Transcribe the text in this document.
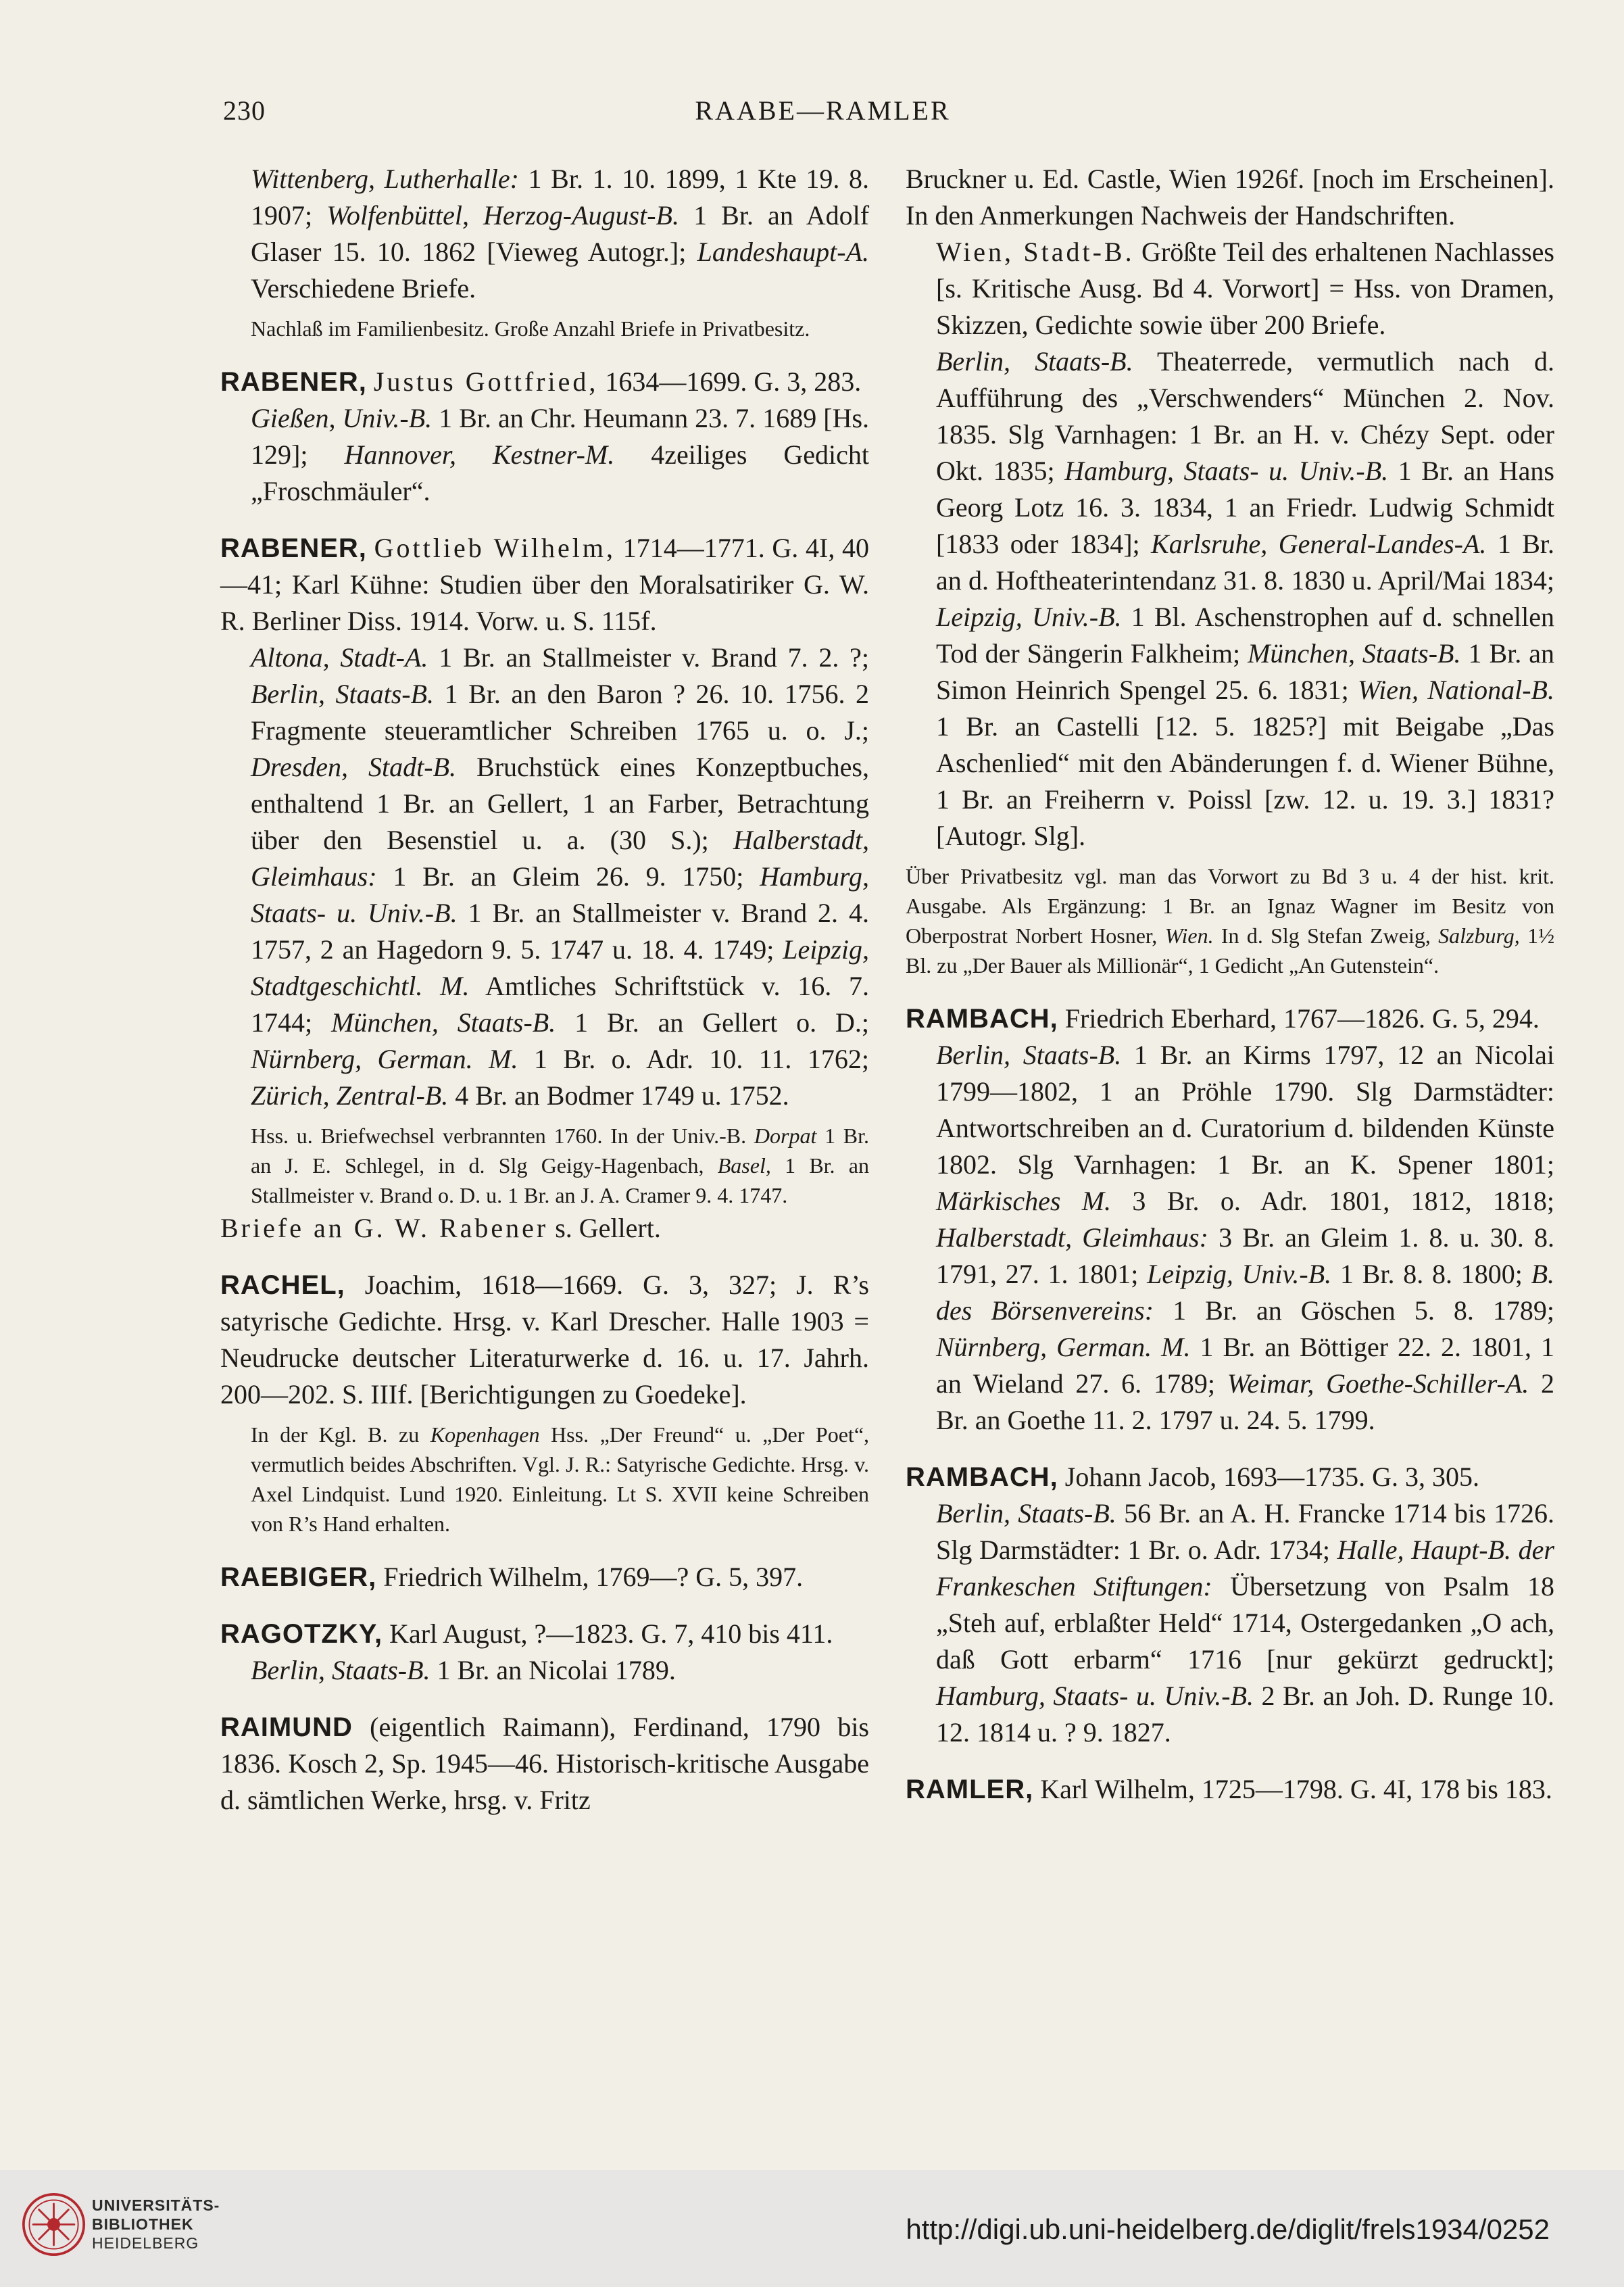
230	RAABE—RAMLER

Wittenberg, Lutherhalle: 1 Br. 1. 10. 1899, 1 Kte 19. 8. 1907; Wolfenbüttel, Herzog-August-B. 1 Br. an Adolf Glaser 15. 10. 1862 [Vieweg Autogr.]; Landeshaupt-A. Verschiedene Briefe.

Nachlaß im Familienbesitz. Große Anzahl Briefe in Privatbesitz.

RABENER, Justus Gottfried, 1634—1699. G. 3, 283.

Gießen, Univ.-B. 1 Br. an Chr. Heumann 23. 7. 1689 [Hs. 129]; Hannover, Kestner-M. 4zeiliges Gedicht „Froschmäuler“.

RABENER, Gottlieb Wilhelm, 1714—1771. G. 4I, 40—41; Karl Kühne: Studien über den Moralsatiriker G. W. R. Berliner Diss. 1914. Vorw. u. S. 115f.

Altona, Stadt-A. 1 Br. an Stallmeister v. Brand 7. 2. ?; Berlin, Staats-B. 1 Br. an den Baron ? 26. 10. 1756. 2 Fragmente steueramtlicher Schreiben 1765 u. o. J.; Dresden, Stadt-B. Bruchstück eines Konzeptbuches, enthaltend 1 Br. an Gellert, 1 an Farber, Betrachtung über den Besenstiel u. a. (30 S.); Halberstadt, Gleimhaus: 1 Br. an Gleim 26. 9. 1750; Hamburg, Staats- u. Univ.-B. 1 Br. an Stallmeister v. Brand 2. 4. 1757, 2 an Hagedorn 9. 5. 1747 u. 18. 4. 1749; Leipzig, Stadtgeschichtl. M. Amtliches Schriftstück v. 16. 7. 1744; München, Staats-B. 1 Br. an Gellert o. D.; Nürnberg, German. M. 1 Br. o. Adr. 10. 11. 1762; Zürich, Zentral-B. 4 Br. an Bodmer 1749 u. 1752.

Hss. u. Briefwechsel verbrannten 1760. In der Univ.-B. Dorpat 1 Br. an J. E. Schlegel, in d. Slg Geigy-Hagenbach, Basel, 1 Br. an Stallmeister v. Brand o. D. u. 1 Br. an J. A. Cramer 9. 4. 1747.

Briefe an G. W. Rabener s. Gellert.

RACHEL, Joachim, 1618—1669. G. 3, 327; J. R’s satyrische Gedichte. Hrsg. v. Karl Drescher. Halle 1903 = Neudrucke deutscher Literaturwerke d. 16. u. 17. Jahrh. 200—202. S. IIIf. [Berichtigungen zu Goedeke].

In der Kgl. B. zu Kopenhagen Hss. „Der Freund“ u. „Der Poet“, vermutlich beides Abschriften. Vgl. J. R.: Satyrische Gedichte. Hrsg. v. Axel Lindquist. Lund 1920. Einleitung. Lt S. XVII keine Schreiben von R’s Hand erhalten.

RAEBIGER, Friedrich Wilhelm, 1769—? G. 5, 397.

RAGOTZKY, Karl August, ?—1823. G. 7, 410 bis 411.

Berlin, Staats-B. 1 Br. an Nicolai 1789.

RAIMUND (eigentlich Raimann), Ferdinand, 1790 bis 1836. Kosch 2, Sp. 1945—46. Historisch-kritische Ausgabe d. sämtlichen Werke, hrsg. v. Fritz

Bruckner u. Ed. Castle, Wien 1926f. [noch im Erscheinen]. In den Anmerkungen Nachweis der Handschriften.

Wien, Stadt-B. Größte Teil des erhaltenen Nachlasses [s. Kritische Ausg. Bd 4. Vorwort] = Hss. von Dramen, Skizzen, Gedichte sowie über 200 Briefe.

Berlin, Staats-B. Theaterrede, vermutlich nach d. Aufführung des „Verschwenders“ München 2. Nov. 1835. Slg Varnhagen: 1 Br. an H. v. Chézy Sept. oder Okt. 1835; Hamburg, Staats- u. Univ.-B. 1 Br. an Hans Georg Lotz 16. 3. 1834, 1 an Friedr. Ludwig Schmidt [1833 oder 1834]; Karlsruhe, General-Landes-A. 1 Br. an d. Hoftheaterintendanz 31. 8. 1830 u. April/Mai 1834; Leipzig, Univ.-B. 1 Bl. Aschenstrophen auf d. schnellen Tod der Sängerin Falkheim; München, Staats-B. 1 Br. an Simon Heinrich Spengel 25. 6. 1831; Wien, National-B. 1 Br. an Castelli [12. 5. 1825?] mit Beigabe „Das Aschenlied“ mit den Abänderungen f. d. Wiener Bühne, 1 Br. an Freiherrn v. Poissl [zw. 12. u. 19. 3.] 1831? [Autogr. Slg].

Über Privatbesitz vgl. man das Vorwort zu Bd 3 u. 4 der hist. krit. Ausgabe. Als Ergänzung: 1 Br. an Ignaz Wagner im Besitz von Oberpostrat Norbert Hosner, Wien. In d. Slg Stefan Zweig, Salzburg, 1½ Bl. zu „Der Bauer als Millionär“, 1 Gedicht „An Gutenstein“.

RAMBACH, Friedrich Eberhard, 1767—1826. G. 5, 294.

Berlin, Staats-B. 1 Br. an Kirms 1797, 12 an Nicolai 1799—1802, 1 an Pröhle 1790. Slg Darmstädter: Antwortschreiben an d. Curatorium d. bildenden Künste 1802. Slg Varnhagen: 1 Br. an K. Spener 1801; Märkisches M. 3 Br. o. Adr. 1801, 1812, 1818; Halberstadt, Gleimhaus: 3 Br. an Gleim 1. 8. u. 30. 8. 1791, 27. 1. 1801; Leipzig, Univ.-B. 1 Br. 8. 8. 1800; B. des Börsenvereins: 1 Br. an Göschen 5. 8. 1789; Nürnberg, German. M. 1 Br. an Böttiger 22. 2. 1801, 1 an Wieland 27. 6. 1789; Weimar, Goethe-Schiller-A. 2 Br. an Goethe 11. 2. 1797 u. 24. 5. 1799.

RAMBACH, Johann Jacob, 1693—1735. G. 3, 305.

Berlin, Staats-B. 56 Br. an A. H. Francke 1714 bis 1726. Slg Darmstädter: 1 Br. o. Adr. 1734; Halle, Haupt-B. der Frankeschen Stiftungen: Übersetzung von Psalm 18 „Steh auf, erblaßter Held“ 1714, Ostergedanken „O ach, daß Gott erbarm“ 1716 [nur gekürzt gedruckt]; Hamburg, Staats- u. Univ.-B. 2 Br. an Joh. D. Runge 10. 12. 1814 u. ? 9. 1827.

RAMLER, Karl Wilhelm, 1725—1798. G. 4I, 178 bis 183.

UNIVERSITÄTS-
BIBLIOTHEK
HEIDELBERG	http://digi.ub.uni-heidelberg.de/diglit/frels1934/0252
